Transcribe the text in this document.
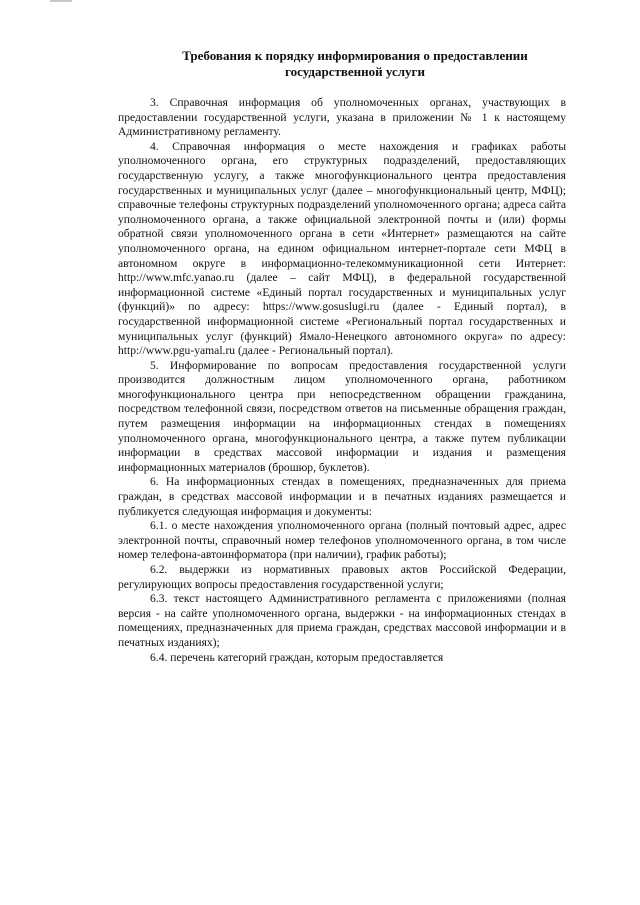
Требования к порядку информирования о предоставлении
государственной услуги

3. Справочная информация об уполномоченных органах, участвующих в предоставлении государственной услуги, указана в приложении № 1 к настоящему Административному регламенту.

4. Справочная информация о месте нахождения и графиках работы уполномоченного органа, его структурных подразделений, предоставляющих государственную услугу, а также многофункционального центра предоставления государственных и муниципальных услуг (далее – многофункциональный центр, МФЦ); справочные телефоны структурных подразделений уполномоченного органа; адреса сайта уполномоченного органа, а также официальной электронной почты и (или) формы обратной связи уполномоченного органа в сети «Интернет» размещаются на сайте уполномоченного органа, на едином официальном интернет-портале сети МФЦ в автономном округе в информационно-телекоммуникационной сети Интернет: http://www.mfc.yanao.ru (далее – сайт МФЦ), в федеральной государственной информационной системе «Единый портал государственных и муниципальных услуг (функций)» по адресу: https://www.gosuslugi.ru (далее - Единый портал), в государственной информационной системе «Региональный портал государственных и муниципальных услуг (функций) Ямало-Ненецкого автономного округа» по адресу: http://www.pgu-yamal.ru (далее - Региональный портал).

5. Информирование по вопросам предоставления государственной услуги производится должностным лицом уполномоченного органа, работником многофункционального центра при непосредственном обращении гражданина, посредством телефонной связи, посредством ответов на письменные обращения граждан, путем размещения информации на информационных стендах в помещениях уполномоченного органа, многофункционального центра, а также путем публикации информации в средствах массовой информации и издания и размещения информационных материалов (брошюр, буклетов).

6. На информационных стендах в помещениях, предназначенных для приема граждан, в средствах массовой информации и в печатных изданиях размещается и публикуется следующая информация и документы:

6.1. о месте нахождения уполномоченного органа (полный почтовый адрес, адрес электронной почты, справочный номер телефонов уполномоченного органа, в том числе номер телефона-автоинформатора (при наличии), график работы);

6.2. выдержки из нормативных правовых актов Российской Федерации, регулирующих вопросы предоставления государственной услуги;

6.3. текст настоящего Административного регламента с приложениями (полная версия - на сайте уполномоченного органа, выдержки - на информационных стендах в помещениях, предназначенных для приема граждан, средствах массовой информации и в печатных изданиях);

6.4. перечень категорий граждан, которым предоставляется
